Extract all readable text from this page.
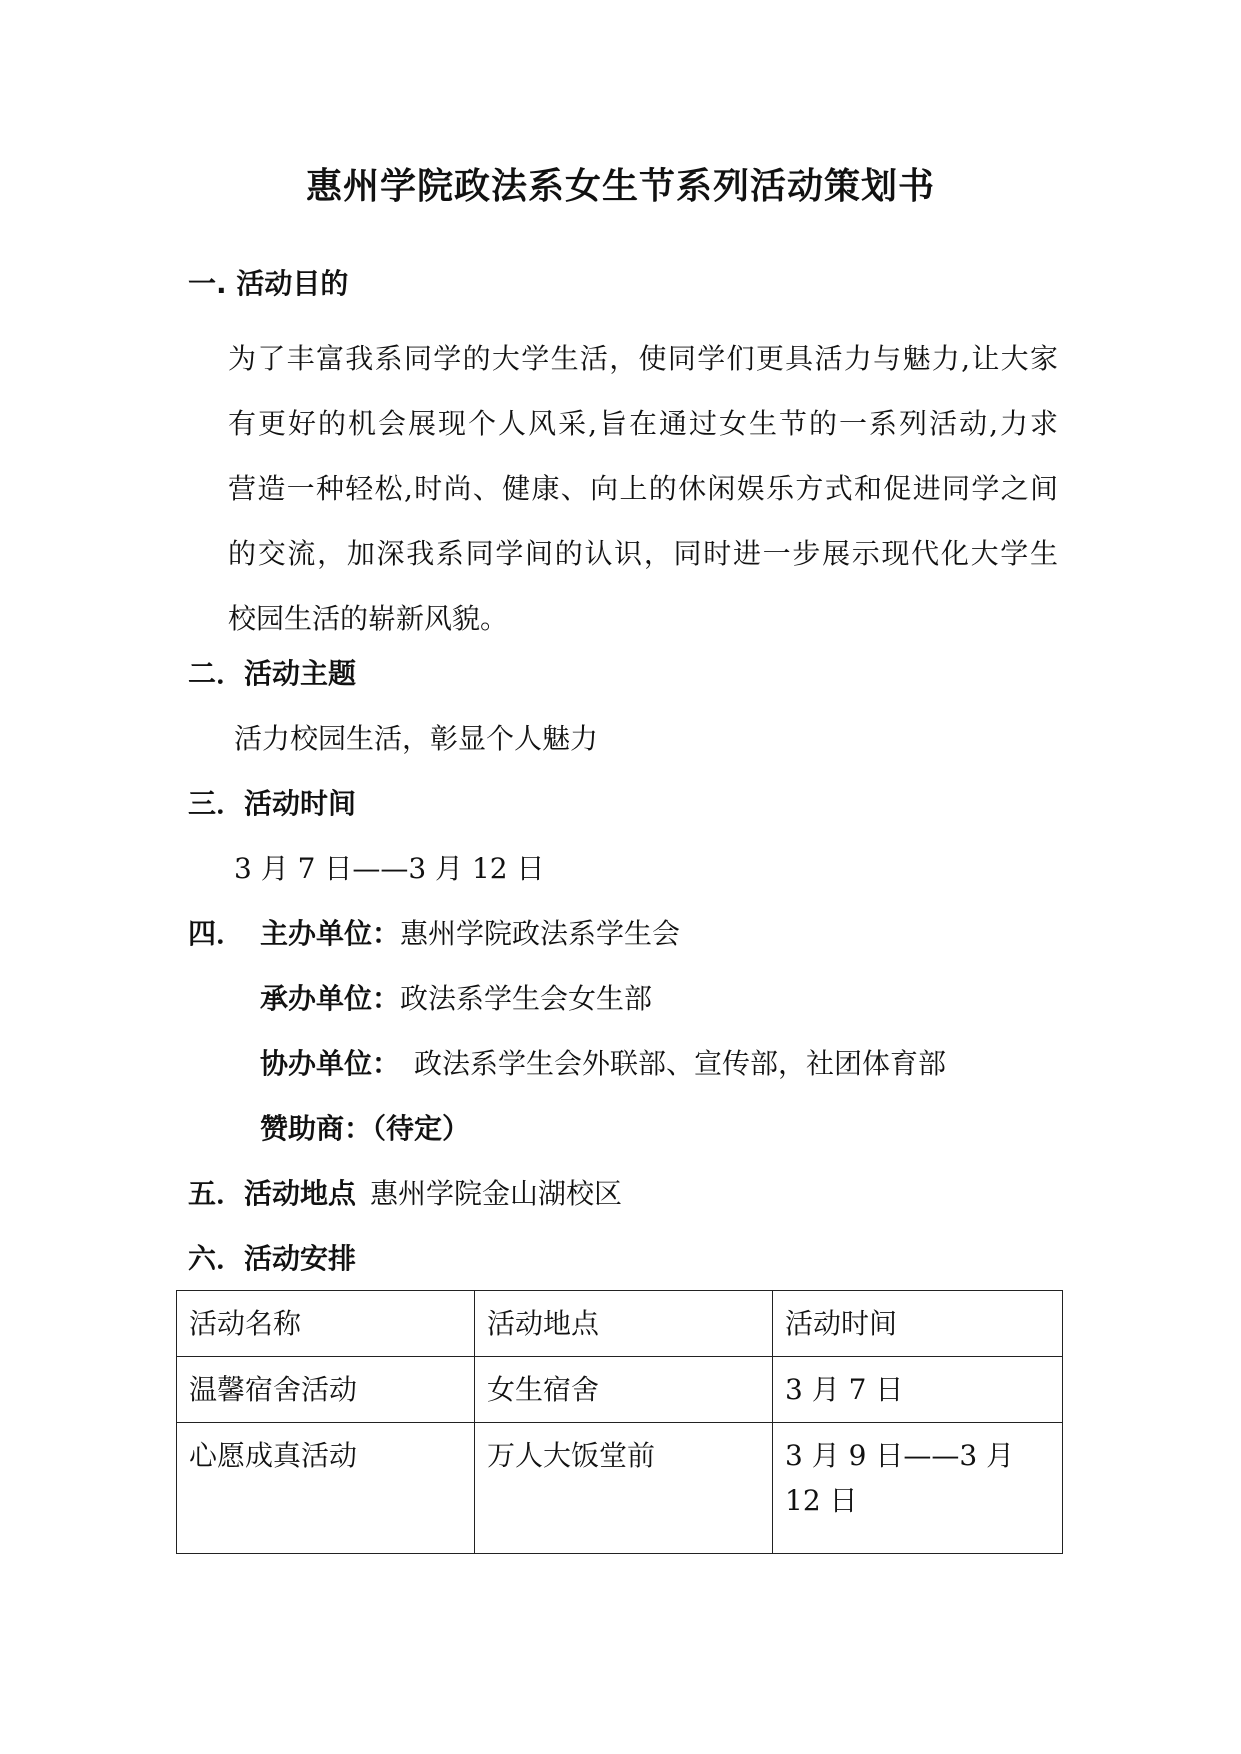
惠州学院政法系女生节系列活动策划书
一. 活动目的
为了丰富我系同学的大学生活，使同学们更具活力与魅力,让大家
有更好的机会展现个人风采,旨在通过女生节的一系列活动,力求
营造一种轻松,时尚、健康、向上的休闲娱乐方式和促进同学之间
的交流，加深我系同学间的认识，同时进一步展示现代化大学生
校园生活的崭新风貌。
二．活动主题
活力校园生活，彰显个人魅力
三．活动时间
3 月 7 日——3 月 12 日
四． 主办单位：惠州学院政法系学生会
承办单位：政法系学生会女生部
协办单位： 政法系学生会外联部、宣传部，社团体育部
赞助商：（待定）
五．活动地点 惠州学院金山湖校区
六．活动安排
活动名称	活动地点	活动时间
温馨宿舍活动	女生宿舍	3 月 7 日
心愿成真活动	万人大饭堂前	3 月 9 日——3 月 12 日
